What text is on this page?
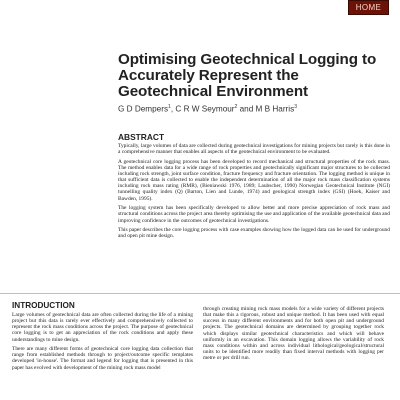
HOME
Optimising Geotechnical Logging to Accurately Represent the Geotechnical Environment
G D Dempers$^1$, C R W Seymour$^2$ and M B Harris$^3$
ABSTRACT

Typically, large volumes of data are collected during geotechnical investigations for mining projects but rarely is this done in a comprehensive manner that enables all aspects of the geotechnical environment to be evaluated.

A geotechnical core logging process has been developed to record mechanical and structural properties of the rock mass. The method enables data for a wide range of rock properties and geotechnically significant major structures to be collected including rock strength, joint surface condition, fracture frequency and fracture orientation. The logging method is unique in that sufficient data is collected to enable the independent determination of all the major rock mass classification systems including rock mass rating (RMR), (Bieniawski 1976, 1989; Laubscher, 1990) Norwegian Geotechnical Institute (NGI) tunnelling quality index (Q) (Barton, Lien and Lunde, 1974) and geological strength index (GSI) (Hoek, Kaiser and Bawden, 1995).

The logging system has been specifically developed to allow better and more precise appreciation of rock mass and structural conditions across the project area thereby optimising the use and application of the available geotechnical data and improving confidence in the outcomes of geotechnical investigations.

This paper describes the core logging process with case examples showing how the logged data can be used for underground and open pit mine design.

INTRODUCTION

Large volumes of geotechnical data are often collected during the life of a mining project but this data is rarely ever effectively and comprehensively collected to represent the rock mass conditions across the project. The purpose of geotechnical core logging is to get an appreciation of the rock conditions and apply these understandings to mine design.

There are many different forms of geotechnical core logging data collection that range from established methods through to project/outcome specific templates developed 'in-house'. The format and legend for logging that is presented in this paper has evolved with development of the mining rock mass model

through creating mining rock mass models for a wide variety of different projects that make this a rigorous, robust and unique method. It has been used with equal success in many different environments and for both open pit and underground projects. The geotechnical domains are determined by grouping together rock which displays similar geotechnical characteristics and which will behave uniformly in an excavation. This domain logging allows the variability of rock mass conditions within and across individual lithological/geological/structural units to be identified more readily than fixed interval methods with logging per metre or per drill run.
